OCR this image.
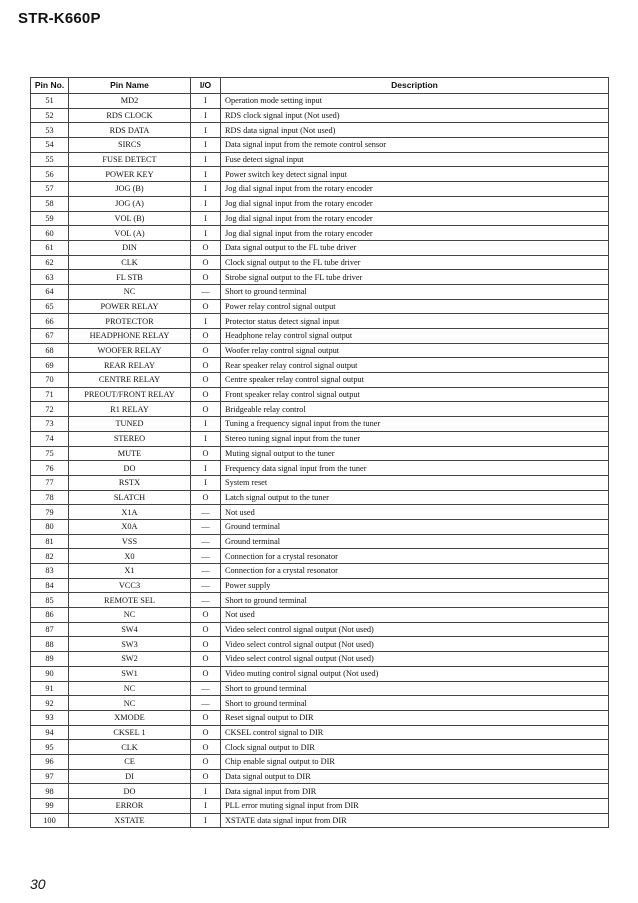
STR-K660P
Pin No.	Pin Name	I/O	Description
51	MD2	I	Operation mode setting input
52	RDS CLOCK	I	RDS clock signal input (Not used)
53	RDS DATA	I	RDS data signal input (Not used)
54	SIRCS	I	Data signal input from the remote control sensor
55	FUSE DETECT	I	Fuse detect signal input
56	POWER KEY	I	Power switch key detect signal input
57	JOG (B)	I	Jog dial signal input from the rotary encoder
58	JOG (A)	I	Jog dial signal input from the rotary encoder
59	VOL (B)	I	Jog dial signal input from the rotary encoder
60	VOL (A)	I	Jog dial signal input from the rotary encoder
61	DIN	O	Data signal output to the FL tube driver
62	CLK	O	Clock signal output to the FL tube driver
63	FL STB	O	Strobe signal output to the FL tube driver
64	NC	—	Short to ground terminal
65	POWER RELAY	O	Power relay control signal output
66	PROTECTOR	I	Protector status detect signal input
67	HEADPHONE RELAY	O	Headphone relay control signal output
68	WOOFER RELAY	O	Woofer relay control signal output
69	REAR RELAY	O	Rear speaker relay control signal output
70	CENTRE RELAY	O	Centre speaker relay control signal output
71	PREOUT/FRONT RELAY	O	Front speaker relay control signal output
72	R1 RELAY	O	Bridgeable relay control
73	TUNED	I	Tuning a frequency signal input from the tuner
74	STEREO	I	Stereo tuning signal input from the tuner
75	MUTE	O	Muting signal output to the tuner
76	DO	I	Frequency data signal input from the tuner
77	RSTX	I	System reset
78	SLATCH	O	Latch signal output to the tuner
79	X1A	—	Not used
80	X0A	—	Ground terminal
81	VSS	—	Ground terminal
82	X0	—	Connection for a crystal resonator
83	X1	—	Connection for a crystal resonator
84	VCC3	—	Power supply
85	REMOTE SEL	—	Short to ground terminal
86	NC	O	Not used
87	SW4	O	Video select control signal output (Not used)
88	SW3	O	Video select control signal output (Not used)
89	SW2	O	Video select control signal output (Not used)
90	SW1	O	Video muting control signal output (Not used)
91	NC	—	Short to ground terminal
92	NC	—	Short to ground terminal
93	XMODE	O	Reset signal output to DIR
94	CKSEL 1	O	CKSEL control signal to DIR
95	CLK	O	Clock signal output to DIR
96	CE	O	Chip enable signal output to DIR
97	DI	O	Data signal output to DIR
98	DO	I	Data signal input from DIR
99	ERROR	I	PLL error muting signal input from DIR
100	XSTATE	I	XSTATE data signal input from DIR
30
